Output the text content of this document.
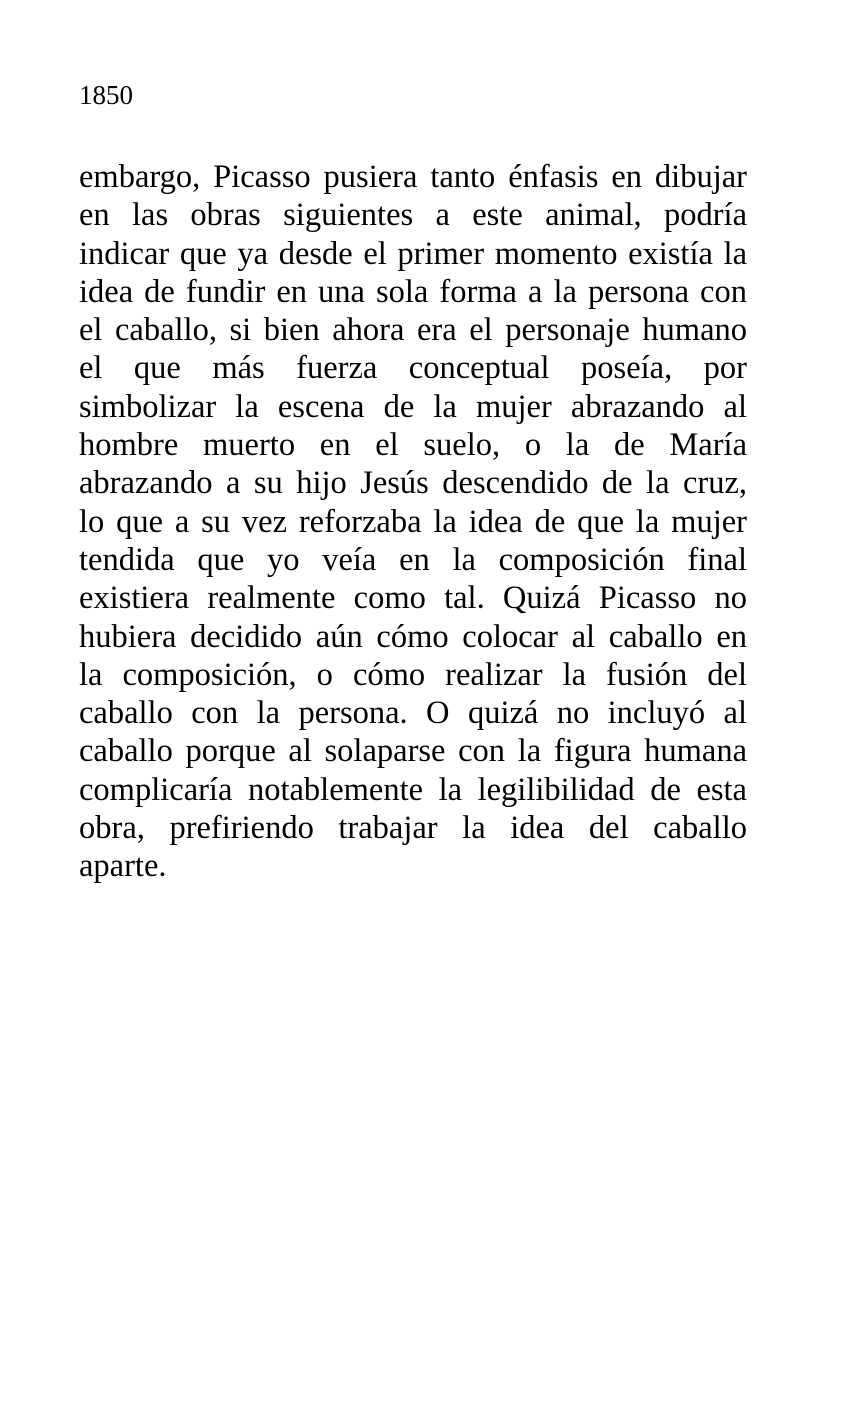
1850

embargo, Picasso pusiera tanto énfasis en dibujar
en las obras siguientes a este animal, podría
indicar que ya desde el primer momento existía la
idea de fundir en una sola forma a la persona con
el caballo, si bien ahora era el personaje humano
el que más fuerza conceptual poseía, por
simbolizar la escena de la mujer abrazando al
hombre muerto en el suelo, o la de María
abrazando a su hijo Jesús descendido de la cruz,
lo que a su vez reforzaba la idea de que la mujer
tendida que yo veía en la composición final
existiera realmente como tal. Quizá Picasso no
hubiera decidido aún cómo colocar al caballo en
la composición, o cómo realizar la fusión del
caballo con la persona. O quizá no incluyó al
caballo porque al solaparse con la figura humana
complicaría notablemente la legilibilidad de esta
obra, prefiriendo trabajar la idea del caballo
aparte.
